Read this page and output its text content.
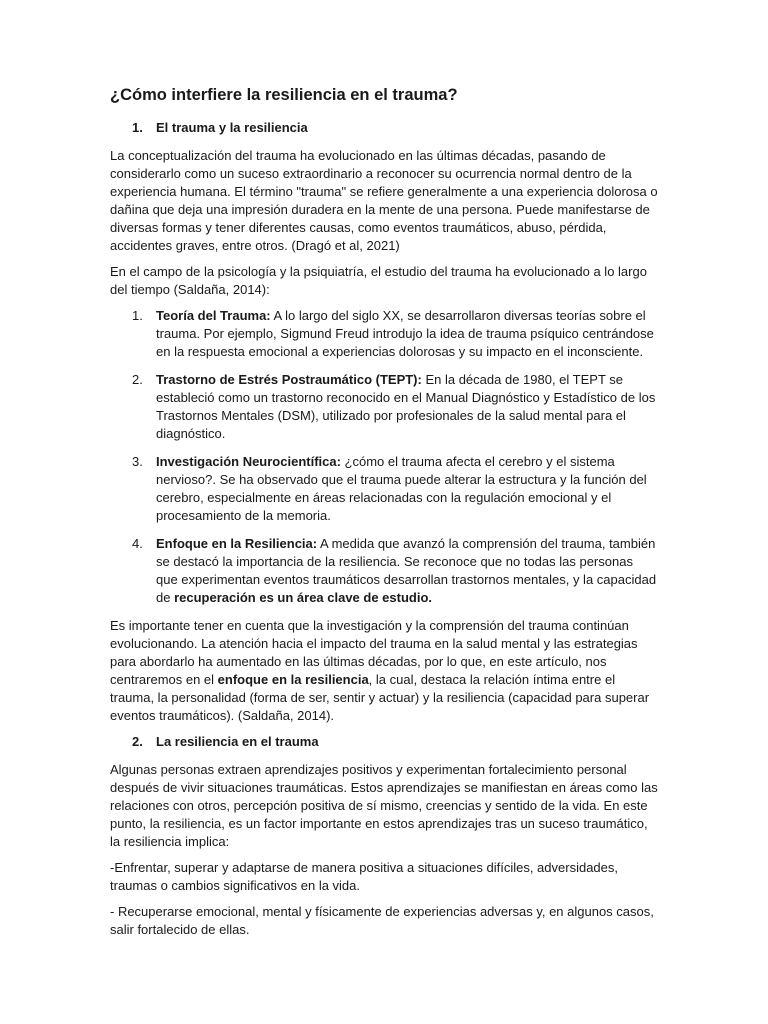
¿Cómo interfiere la resiliencia en el trauma?
1.	El trauma y la resiliencia

La conceptualización del trauma ha evolucionado en las últimas décadas, pasando de considerarlo como un suceso extraordinario a reconocer su ocurrencia normal dentro de la experiencia humana. El término "trauma" se refiere generalmente a una experiencia dolorosa o dañina que deja una impresión duradera en la mente de una persona. Puede manifestarse de diversas formas y tener diferentes causas, como eventos traumáticos, abuso, pérdida, accidentes graves, entre otros. (Dragó et al, 2021)

En el campo de la psicología y la psiquiatría, el estudio del trauma ha evolucionado a lo largo del tiempo (Saldaña, 2014):

1.	Teoría del Trauma: A lo largo del siglo XX, se desarrollaron diversas teorías sobre el trauma. Por ejemplo, Sigmund Freud introdujo la idea de trauma psíquico centrándose en la respuesta emocional a experiencias dolorosas y su impacto en el inconsciente.
2.	Trastorno de Estrés Postraumático (TEPT): En la década de 1980, el TEPT se estableció como un trastorno reconocido en el Manual Diagnóstico y Estadístico de los Trastornos Mentales (DSM), utilizado por profesionales de la salud mental para el diagnóstico.
3.	Investigación Neurocientífica: ¿cómo el trauma afecta el cerebro y el sistema nervioso?. Se ha observado que el trauma puede alterar la estructura y la función del cerebro, especialmente en áreas relacionadas con la regulación emocional y el procesamiento de la memoria.
4.	Enfoque en la Resiliencia: A medida que avanzó la comprensión del trauma, también se destacó la importancia de la resiliencia. Se reconoce que no todas las personas que experimentan eventos traumáticos desarrollan trastornos mentales, y la capacidad de recuperación es un área clave de estudio.

Es importante tener en cuenta que la investigación y la comprensión del trauma continúan evolucionando. La atención hacia el impacto del trauma en la salud mental y las estrategias para abordarlo ha aumentado en las últimas décadas, por lo que, en este artículo, nos centraremos en el enfoque en la resiliencia, la cual, destaca la relación íntima entre el trauma, la personalidad (forma de ser, sentir y actuar) y la resiliencia (capacidad para superar eventos traumáticos). (Saldaña, 2014).

2.	La resiliencia en el trauma

Algunas personas extraen aprendizajes positivos y experimentan fortalecimiento personal después de vivir situaciones traumáticas. Estos aprendizajes se manifiestan en áreas como las relaciones con otros, percepción positiva de sí mismo, creencias y sentido de la vida. En este punto, la resiliencia, es un factor importante en estos aprendizajes tras un suceso traumático, la resiliencia implica:

-Enfrentar, superar y adaptarse de manera positiva a situaciones difíciles, adversidades, traumas o cambios significativos en la vida.

- Recuperarse emocional, mental y físicamente de experiencias adversas y, en algunos casos, salir fortalecido de ellas.
